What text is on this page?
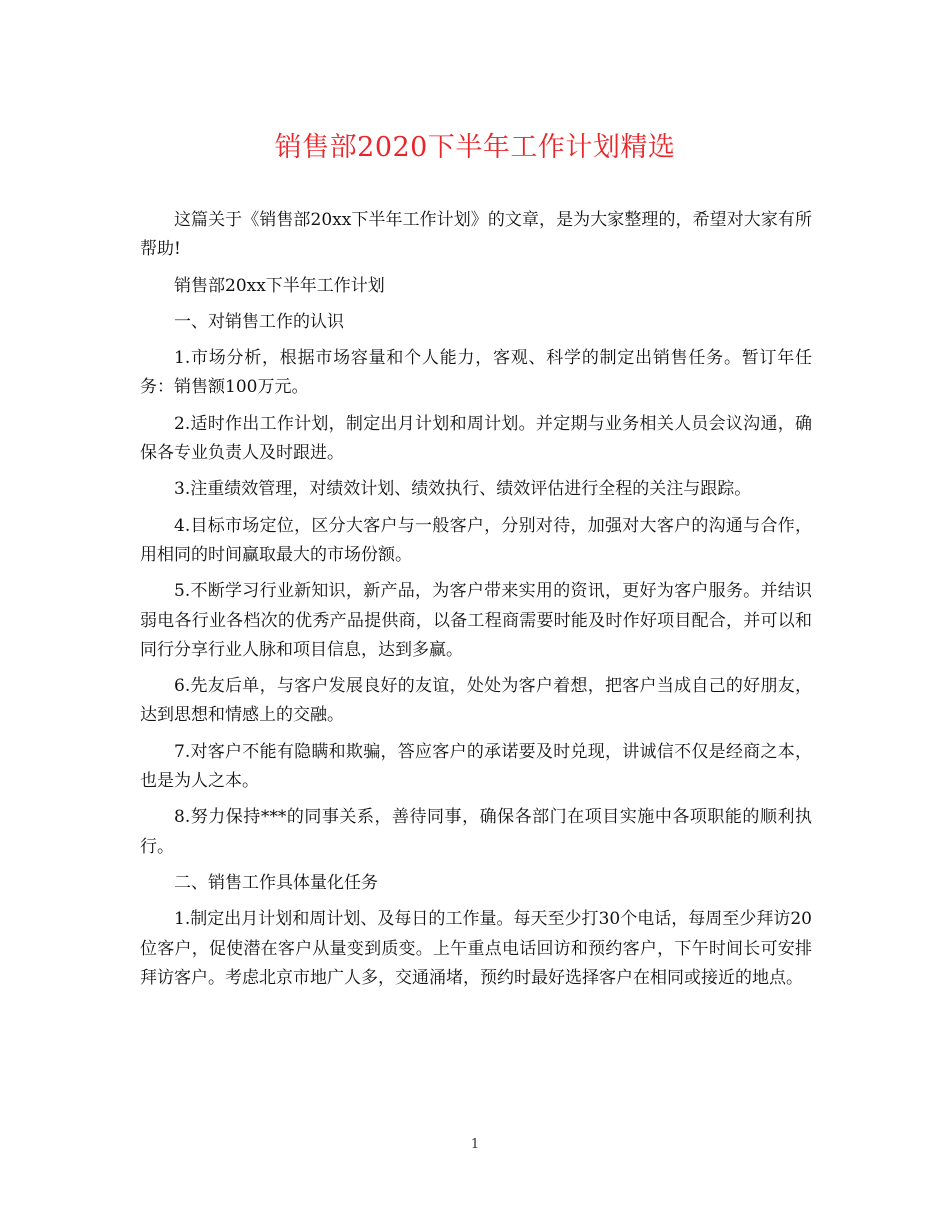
销售部2020下半年工作计划精选

这篇关于《销售部20xx下半年工作计划》的文章，是为大家整理的，希望对大家有所帮助!

销售部20xx下半年工作计划

一、对销售工作的认识

1.市场分析，根据市场容量和个人能力，客观、科学的制定出销售任务。暂订年任务：销售额100万元。

2.适时作出工作计划，制定出月计划和周计划。并定期与业务相关人员会议沟通，确保各专业负责人及时跟进。

3.注重绩效管理，对绩效计划、绩效执行、绩效评估进行全程的关注与跟踪。

4.目标市场定位，区分大客户与一般客户，分别对待，加强对大客户的沟通与合作，用相同的时间赢取最大的市场份额。

5.不断学习行业新知识，新产品，为客户带来实用的资讯，更好为客户服务。并结识弱电各行业各档次的优秀产品提供商，以备工程商需要时能及时作好项目配合，并可以和同行分享行业人脉和项目信息，达到多赢。

6.先友后单，与客户发展良好的友谊，处处为客户着想，把客户当成自己的好朋友，达到思想和情感上的交融。

7.对客户不能有隐瞒和欺骗，答应客户的承诺要及时兑现，讲诚信不仅是经商之本，也是为人之本。

8.努力保持***的同事关系，善待同事，确保各部门在项目实施中各项职能的顺利执行。

二、销售工作具体量化任务

1.制定出月计划和周计划、及每日的工作量。每天至少打30个电话，每周至少拜访20位客户，促使潜在客户从量变到质变。上午重点电话回访和预约客户，下午时间长可安排拜访客户。考虑北京市地广人多，交通涌堵，预约时最好选择客户在相同或接近的地点。

1
